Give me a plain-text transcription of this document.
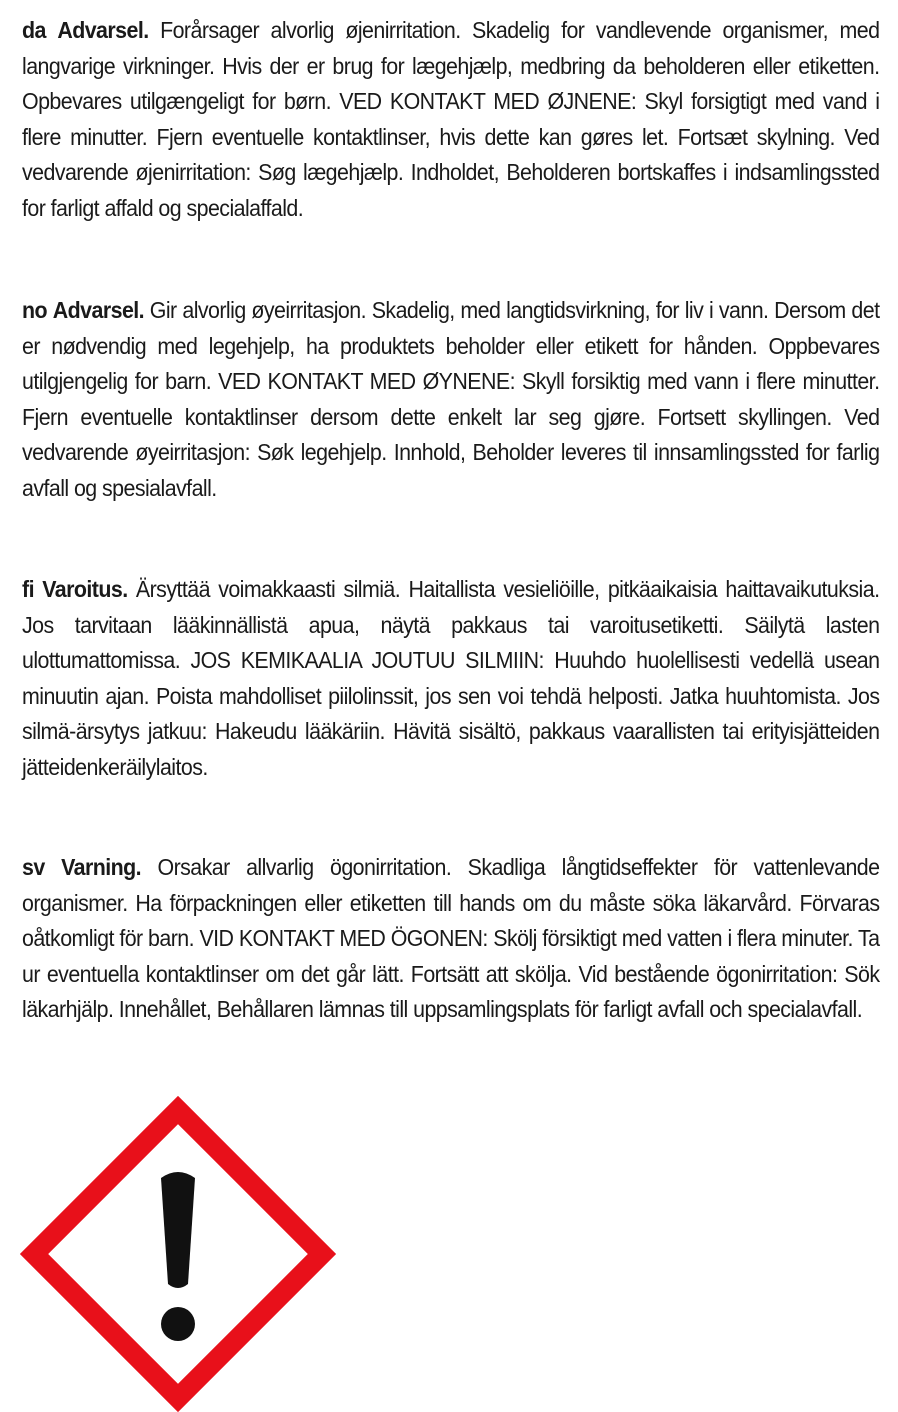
da Advarsel. Forårsager alvorlig øjenirritation. Skadelig for vandlevende organismer, med langvarige virkninger. Hvis der er brug for lægehjælp, medbring da beholderen eller etiketten. Opbevares utilgængeligt for børn. VED KONTAKT MED ØJNENE: Skyl forsigtigt med vand i flere minutter. Fjern eventuelle kontaktlinser, hvis dette kan gøres let. Fortsæt skylning. Ved vedvarende øjenirritation: Søg lægehjælp. Indholdet, Beholderen bortskaffes i indsamlingssted for farligt affald og specialaffald.

no Advarsel. Gir alvorlig øyeirritasjon. Skadelig, med langtidsvirkning, for liv i vann. Dersom det er nødvendig med legehjelp, ha produktets beholder eller etikett for hånden. Oppbevares utilgjengelig for barn. VED KONTAKT MED ØYNENE: Skyll forsiktig med vann i flere minutter. Fjern eventuelle kontaktlinser dersom dette enkelt lar seg gjøre. Fortsett skyllingen. Ved vedvarende øyeirritasjon: Søk legehjelp. Innhold, Beholder leveres til innsamlingssted for farlig avfall og spesialavfall.

fi Varoitus. Ärsyttää voimakkaasti silmiä. Haitallista vesieliöille, pitkäaikaisia haittavaikutuksia. Jos tarvitaan lääkinnällistä apua, näytä pakkaus tai varoitusetiketti. Säilytä lasten ulottumattomissa. JOS KEMIKAALIA JOUTUU SILMIIN: Huuhdo huolellisesti vedellä usean minuutin ajan. Poista mahdolliset piilolinssit, jos sen voi tehdä helposti. Jatka huuhtomista. Jos silmä-ärsytys jatkuu: Hakeudu lääkäriin. Hävitä sisältö, pakkaus vaarallisten tai erityisjätteiden jätteidenkeräilylaitos.

sv Varning. Orsakar allvarlig ögonirritation. Skadliga långtidseffekter för vattenlevande organismer. Ha förpackningen eller etiketten till hands om du måste söka läkarvård. Förvaras oåtkomligt för barn. VID KONTAKT MED ÖGONEN: Skölj försiktigt med vatten i flera minuter. Ta ur eventuella kontaktlinser om det går lätt. Fortsätt att skölja. Vid bestående ögonirritation: Sök läkarhjälp. Innehållet, Behållaren lämnas till uppsamlingsplats för farligt avfall och specialavfall.
